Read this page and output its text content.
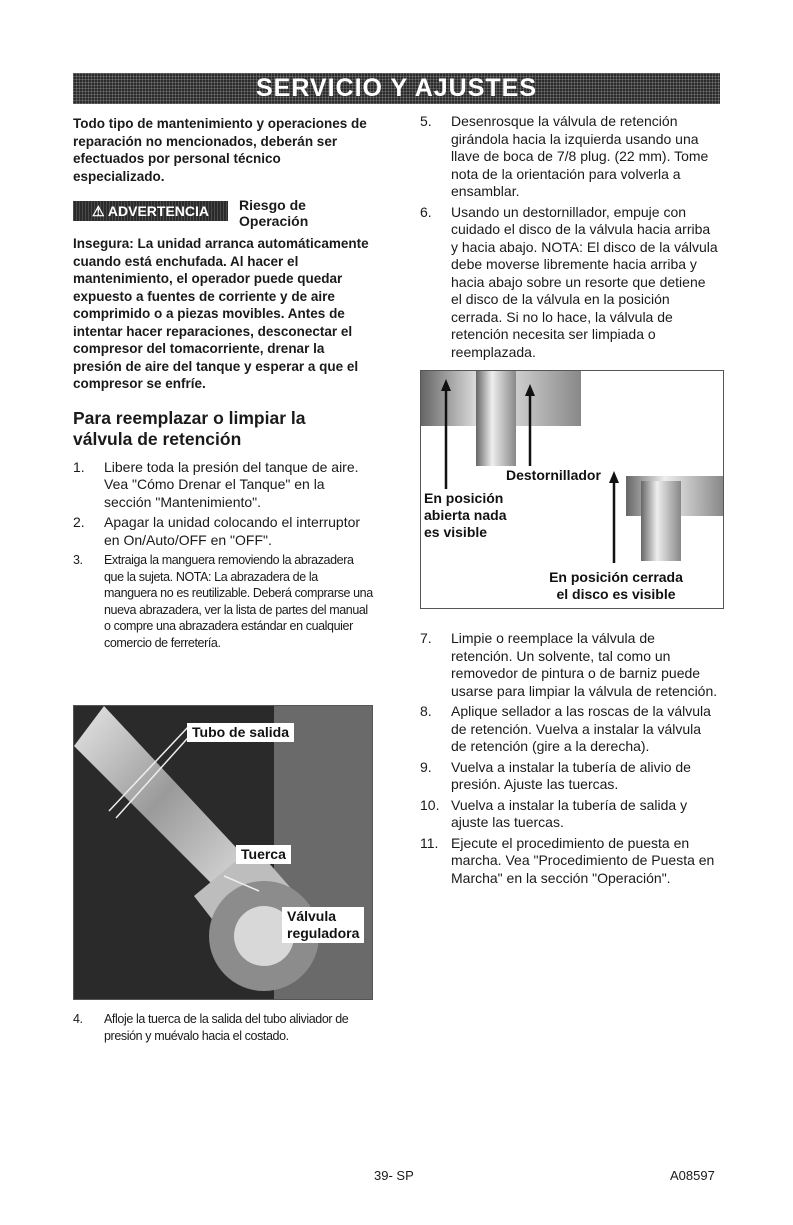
SERVICIO Y AJUSTES
Todo tipo de mantenimiento y operaciones de reparación no mencionados, deberán ser efectuados por personal técnico especializado.
⚠ ADVERTENCIA	Riesgo de
Operación
Insegura: La unidad arranca automáticamente cuando está enchufada. Al hacer el mantenimiento, el operador puede quedar expuesto a fuentes de corriente y de aire comprimido o a piezas movibles. Antes de intentar hacer reparaciones, desconectar el compresor del tomacorriente, drenar la presión de aire del tanque y esperar a que el compresor se enfríe.
Para reemplazar o limpiar la
válvula de retención
1. Libere toda la presión del tanque de aire. Vea "Cómo Drenar el Tanque" en la sección "Mantenimiento".
2. Apagar la unidad colocando el interruptor en On/Auto/OFF en "OFF".
3. Extraiga la manguera removiendo la abrazadera que la sujeta. NOTA: La abrazadera de la manguera no es reutilizable. Deberá comprarse una nueva abrazadera, ver la lista de partes del manual o compre una abrazadera estándar en cualquier comercio de ferretería.
Tubo de salida
Tuerca
Válvula
reguladora
4. Afloje la tuerca de la salida del tubo aliviador de presión y muévalo hacia el costado.
5. Desenrosque la válvula de retención girándola hacia la izquierda usando una llave de boca de 7/8 plug. (22 mm). Tome nota de la orientación para volverla a ensamblar.
6. Usando un destornillador, empuje con cuidado el disco de la válvula hacia arriba y hacia abajo. NOTA: El disco de la válvula debe moverse libremente hacia arriba y hacia abajo sobre un resorte que detiene el disco de la válvula en la posición cerrada. Si no lo hace, la válvula de retención necesita ser limpiada o reemplazada.
Destornillador
En posición
abierta nada
es visible
En posición cerrada
el disco es visible
7. Limpie o reemplace la válvula de retención. Un solvente, tal como un removedor de pintura o de barniz puede usarse para limpiar la válvula de retención.
8. Aplique sellador a las roscas de la válvula de retención. Vuelva a instalar la válvula de retención (gire a la derecha).
9. Vuelva a instalar la tubería de alivio de presión. Ajuste las tuercas.
10. Vuelva a instalar la tubería de salida y ajuste las tuercas.
11. Ejecute el procedimiento de puesta en marcha. Vea "Procedimiento de Puesta en Marcha" en la sección "Operación".
39- SP	A08597
